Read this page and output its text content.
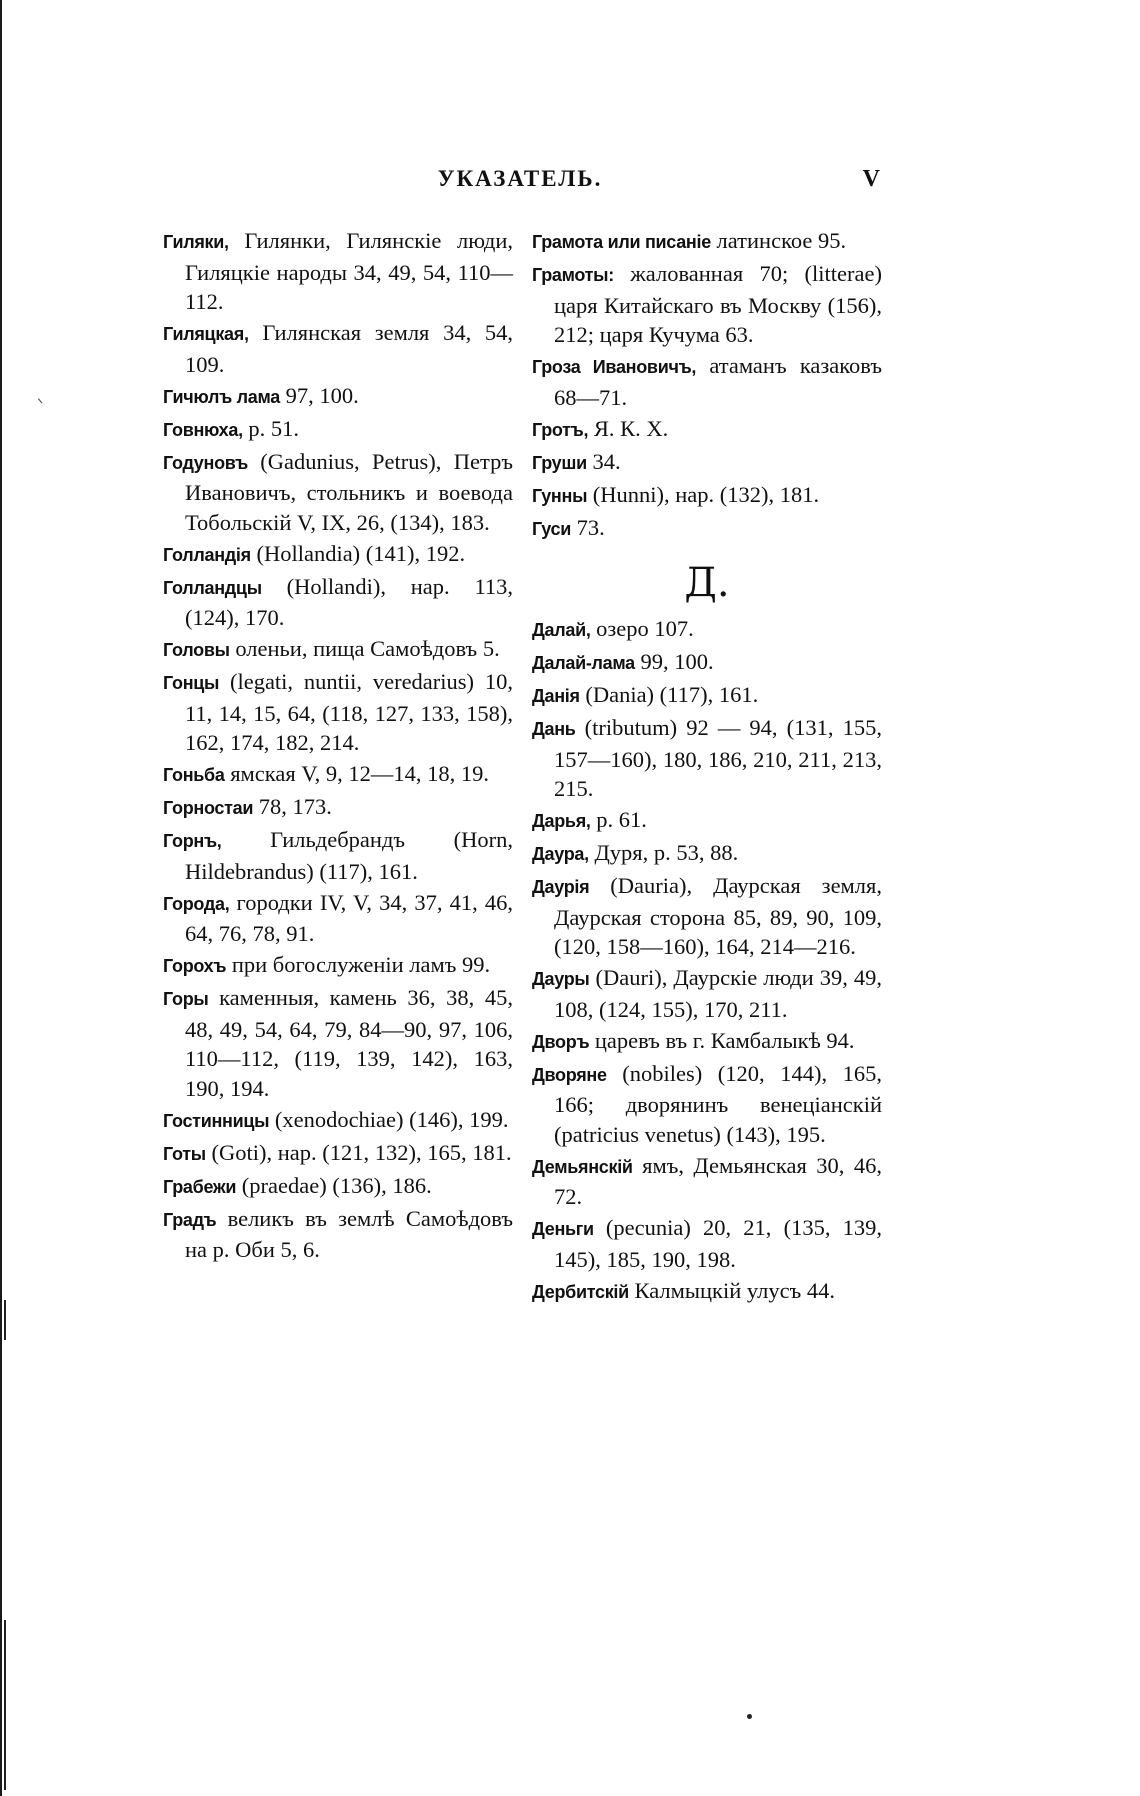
УКАЗАТЕЛЬ.	V
Гиляки, Гилянки, Гилянскіе люди, Гиляцкіе народы 34, 49, 54, 110—112.
Гиляцкая, Гилянская земля 34, 54, 109.
Гичюлъ лама 97, 100.
Говнюха, р. 51.
Годуновъ (Gadunius, Petrus), Петръ Ивановичъ, стольникъ и воевода Тобольскій V, IX, 26, (134), 183.
Голландія (Hollandia) (141), 192.
Голландцы (Hollandi), нар. 113, (124), 170.
Головы оленьи, пища Самоѣдовъ 5.
Гонцы (legati, nuntii, veredarius) 10, 11, 14, 15, 64, (118, 127, 133, 158), 162, 174, 182, 214.
Гоньба ямская V, 9, 12—14, 18, 19.
Горностаи 78, 173.
Горнъ, Гильдебрандъ (Horn, Hildebrandus) (117), 161.
Города, городки IV, V, 34, 37, 41, 46, 64, 76, 78, 91.
Горохъ при богослуженіи ламъ 99.
Горы каменныя, камень 36, 38, 45, 48, 49, 54, 64, 79, 84—90, 97, 106, 110—112, (119, 139, 142), 163, 190, 194.
Гостинницы (xenodochiae) (146), 199.
Готы (Goti), нар. (121, 132), 165, 181.
Грабежи (praedae) (136), 186.
Градъ великъ въ землѣ Самоѣдовъ на р. Оби 5, 6.
Грамота или писаніе латинское 95.
Грамоты: жалованная 70; (litterae) царя Китайскаго въ Москву (156), 212; царя Кучума 63.
Гроза Ивановичъ, атаманъ казаковъ 68—71.
Гротъ, Я. К. Х.
Груши 34.
Гунны (Hunni), нар. (132), 181.
Гуси 73.
Д.
Далай, озеро 107.
Далай-лама 99, 100.
Данія (Dania) (117), 161.
Дань (tributum) 92 — 94, (131, 155, 157—160), 180, 186, 210, 211, 213, 215.
Дарья, р. 61.
Даура, Дуря, р. 53, 88.
Даурія (Dauria), Даурская земля, Даурская сторона 85, 89, 90, 109, (120, 158—160), 164, 214—216.
Дауры (Dauri), Даурскіе люди 39, 49, 108, (124, 155), 170, 211.
Дворъ царевъ въ г. Камбалыкѣ 94.
Дворяне (nobiles) (120, 144), 165, 166; дворянинъ венеціанскій (patricius venetus) (143), 195.
Демьянскій ямъ, Демьянская 30, 46, 72.
Деньги (pecunia) 20, 21, (135, 139, 145), 185, 190, 198.
Дербитскій Калмыцкій улусъ 44.
